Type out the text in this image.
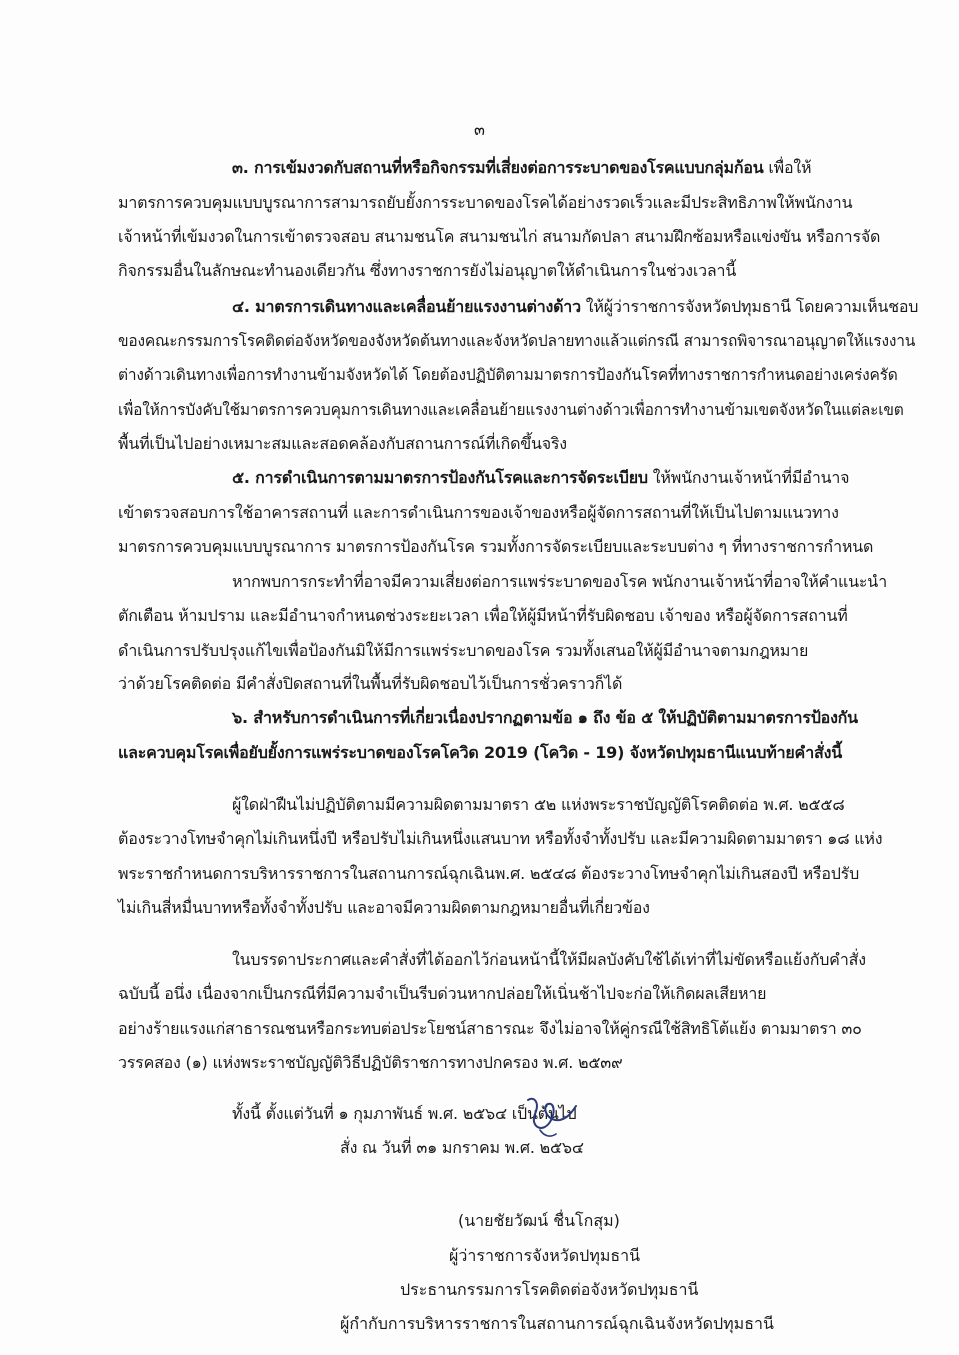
๓
๓. การเข้มงวดกับสถานที่หรือกิจกรรมที่เสี่ยงต่อการระบาดของโรคแบบกลุ่มก้อน เพื่อให้
มาตรการควบคุมแบบบูรณาการสามารถยับยั้งการระบาดของโรคได้อย่างรวดเร็วและมีประสิทธิภาพให้พนักงาน
เจ้าหน้าที่เข้มงวดในการเข้าตรวจสอบ สนามชนโค สนามชนไก่ สนามกัดปลา สนามฝึกซ้อมหรือแข่งขัน หรือการจัด
กิจกรรมอื่นในลักษณะทำนองเดียวกัน ซึ่งทางราชการยังไม่อนุญาตให้ดำเนินการในช่วงเวลานี้
๔. มาตรการเดินทางและเคลื่อนย้ายแรงงานต่างด้าว ให้ผู้ว่าราชการจังหวัดปทุมธานี โดยความเห็นชอบ
ของคณะกรรมการโรคติดต่อจังหวัดของจังหวัดต้นทางและจังหวัดปลายทางแล้วแต่กรณี สามารถพิจารณาอนุญาตให้แรงงาน
ต่างด้าวเดินทางเพื่อการทำงานข้ามจังหวัดได้ โดยต้องปฏิบัติตามมาตรการป้องกันโรคที่ทางราชการกำหนดอย่างเคร่งครัด
เพื่อให้การบังคับใช้มาตรการควบคุมการเดินทางและเคลื่อนย้ายแรงงานต่างด้าวเพื่อการทำงานข้ามเขตจังหวัดในแต่ละเขต
พื้นที่เป็นไปอย่างเหมาะสมและสอดคล้องกับสถานการณ์ที่เกิดขึ้นจริง
๕. การดำเนินการตามมาตรการป้องกันโรคและการจัดระเบียบ ให้พนักงานเจ้าหน้าที่มีอำนาจ
เข้าตรวจสอบการใช้อาคารสถานที่ และการดำเนินการของเจ้าของหรือผู้จัดการสถานที่ให้เป็นไปตามแนวทาง
มาตรการควบคุมแบบบูรณาการ มาตรการป้องกันโรค รวมทั้งการจัดระเบียบและระบบต่าง ๆ ที่ทางราชการกำหนด
หากพบการกระทำที่อาจมีความเสี่ยงต่อการแพร่ระบาดของโรค พนักงานเจ้าหน้าที่อาจให้คำแนะนำ
ตักเตือน ห้ามปราม และมีอำนาจกำหนดช่วงระยะเวลา เพื่อให้ผู้มีหน้าที่รับผิดชอบ เจ้าของ หรือผู้จัดการสถานที่
ดำเนินการปรับปรุงแก้ไขเพื่อป้องกันมิให้มีการแพร่ระบาดของโรค รวมทั้งเสนอให้ผู้มีอำนาจตามกฎหมาย
ว่าด้วยโรคติดต่อ มีคำสั่งปิดสถานที่ในพื้นที่รับผิดชอบไว้เป็นการชั่วคราวก็ได้
๖. สำหรับการดำเนินการที่เกี่ยวเนื่องปรากฏตามข้อ ๑ ถึง ข้อ ๕ ให้ปฏิบัติตามมาตรการป้องกัน
และควบคุมโรคเพื่อยับยั้งการแพร่ระบาดของโรคโควิด 2019 (โควิด - 19) จังหวัดปทุมธานีแนบท้ายคำสั่งนี้
ผู้ใดฝ่าฝืนไม่ปฏิบัติตามมีความผิดตามมาตรา ๕๒ แห่งพระราชบัญญัติโรคติดต่อ พ.ศ. ๒๕๕๘
ต้องระวางโทษจำคุกไม่เกินหนึ่งปี หรือปรับไม่เกินหนึ่งแสนบาท หรือทั้งจำทั้งปรับ และมีความผิดตามมาตรา ๑๘ แห่ง
พระราชกำหนดการบริหารราชการในสถานการณ์ฉุกเฉินพ.ศ. ๒๕๔๘ ต้องระวางโทษจำคุกไม่เกินสองปี หรือปรับ
ไม่เกินสี่หมื่นบาทหรือทั้งจำทั้งปรับ และอาจมีความผิดตามกฎหมายอื่นที่เกี่ยวข้อง
ในบรรดาประกาศและคำสั่งที่ได้ออกไว้ก่อนหน้านี้ให้มีผลบังคับใช้ได้เท่าที่ไม่ขัดหรือแย้งกับคำสั่ง
ฉบับนี้ อนึ่ง เนื่องจากเป็นกรณีที่มีความจำเป็นรีบด่วนหากปล่อยให้เนิ่นช้าไปจะก่อให้เกิดผลเสียหาย
อย่างร้ายแรงแก่สาธารณชนหรือกระทบต่อประโยชน์สาธารณะ จึงไม่อาจให้คู่กรณีใช้สิทธิโต้แย้ง ตามมาตรา ๓๐
วรรคสอง (๑) แห่งพระราชบัญญัติวิธีปฏิบัติราชการทางปกครอง พ.ศ. ๒๕๓๙
ทั้งนี้ ตั้งแต่วันที่ ๑ กุมภาพันธ์ พ.ศ. ๒๕๖๔ เป็นต้นไป
สั่ง ณ วันที่ ๓๑ มกราคม พ.ศ. ๒๕๖๔
(นายชัยวัฒน์ ชื่นโกสุม)
ผู้ว่าราชการจังหวัดปทุมธานี
ประธานกรรมการโรคติดต่อจังหวัดปทุมธานี
ผู้กำกับการบริหารราชการในสถานการณ์ฉุกเฉินจังหวัดปทุมธานี
